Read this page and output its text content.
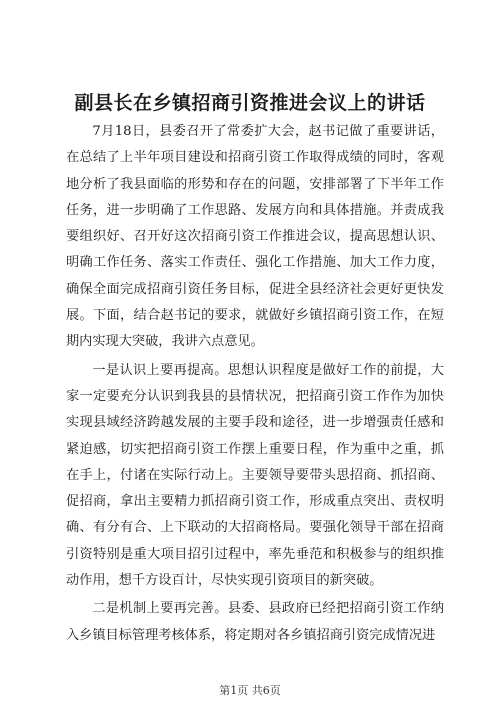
副县长在乡镇招商引资推进会议上的讲话

7月18日，县委召开了常委扩大会，赵书记做了重要讲话，在总结了上半年项目建设和招商引资工作取得成绩的同时，客观地分析了我县面临的形势和存在的问题，安排部署了下半年工作任务，进一步明确了工作思路、发展方向和具体措施。并责成我要组织好、召开好这次招商引资工作推进会议，提高思想认识、明确工作任务、落实工作责任、强化工作措施、加大工作力度，确保全面完成招商引资任务目标，促进全县经济社会更好更快发展。下面，结合赵书记的要求，就做好乡镇招商引资工作，在短期内实现大突破，我讲六点意见。

一是认识上要再提高。思想认识程度是做好工作的前提，大家一定要充分认识到我县的县情状况，把招商引资工作作为加快实现县域经济跨越发展的主要手段和途径，进一步增强责任感和紧迫感，切实把招商引资工作摆上重要日程，作为重中之重，抓在手上，付诸在实际行动上。主要领导要带头思招商、抓招商、促招商，拿出主要精力抓招商引资工作，形成重点突出、责权明确、有分有合、上下联动的大招商格局。要强化领导干部在招商引资特别是重大项目招引过程中，率先垂范和积极参与的组织推动作用，想千方设百计，尽快实现引资项目的新突破。

二是机制上要再完善。县委、县政府已经把招商引资工作纳入乡镇目标管理考核体系，将定期对各乡镇招商引资完成情况进

第1页 共6页
